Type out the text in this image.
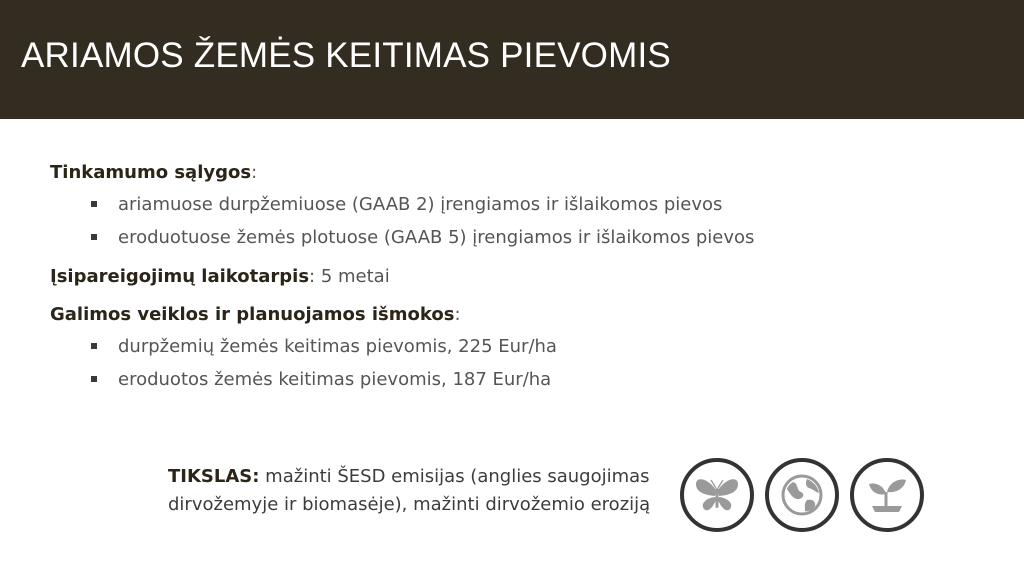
ARIAMOS ŽEMĖS KEITIMAS PIEVOMIS
Tinkamumo sąlygos:
ariamuose durpžemiuose (GAAB 2) įrengiamos ir išlaikomos pievos
eroduotuose žemės plotuose (GAAB 5) įrengiamos ir išlaikomos pievos
Įsipareigojimų laikotarpis: 5 metai
Galimos veiklos ir planuojamos išmokos:
durpžemių žemės keitimas pievomis, 225 Eur/ha
eroduotos žemės keitimas pievomis, 187 Eur/ha
TIKSLAS: mažinti ŠESD emisijas (anglies saugojimas dirvožemyje ir biomasėje), mažinti dirvožemio eroziją
